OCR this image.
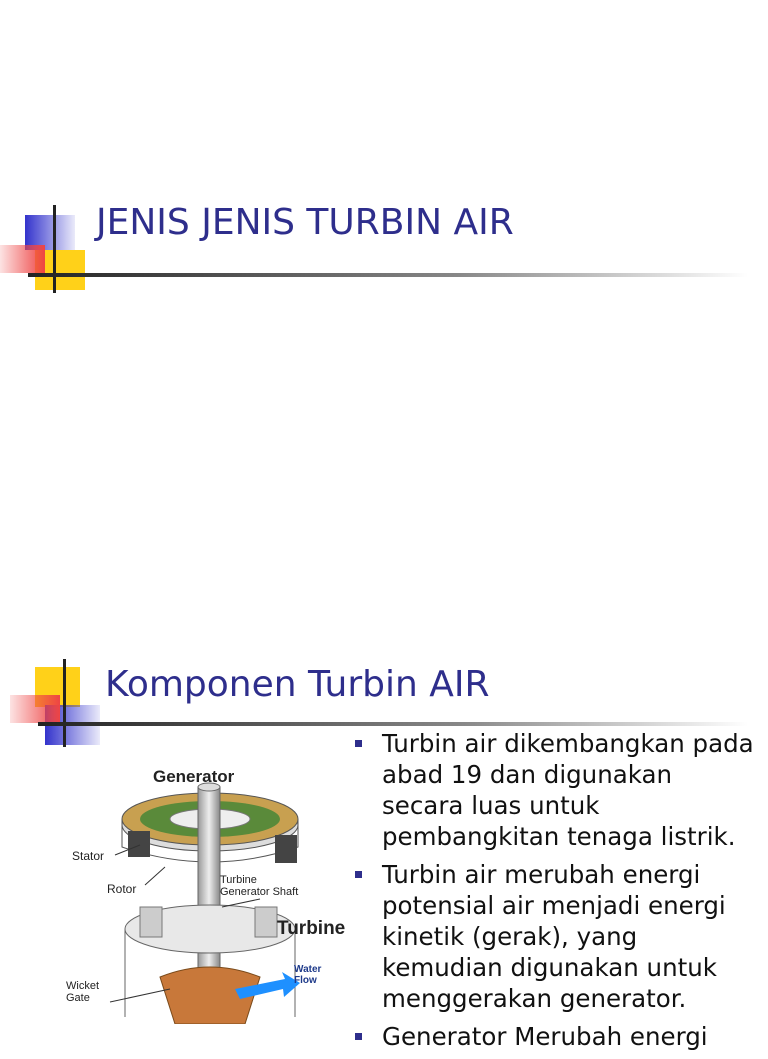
JENIS JENIS TURBIN AIR
Komponen Turbin AIR
Generator
Stator
Rotor
Turbine
Generator Shaft
Turbine
Wicket
Gate
Water
Flow
Turbin air dikembangkan pada abad 19 dan digunakan secara luas untuk pembangkitan tenaga listrik.
Turbin air merubah energi potensial air menjadi energi kinetik (gerak), yang kemudian digunakan untuk menggerakan generator.
Generator Merubah energi
